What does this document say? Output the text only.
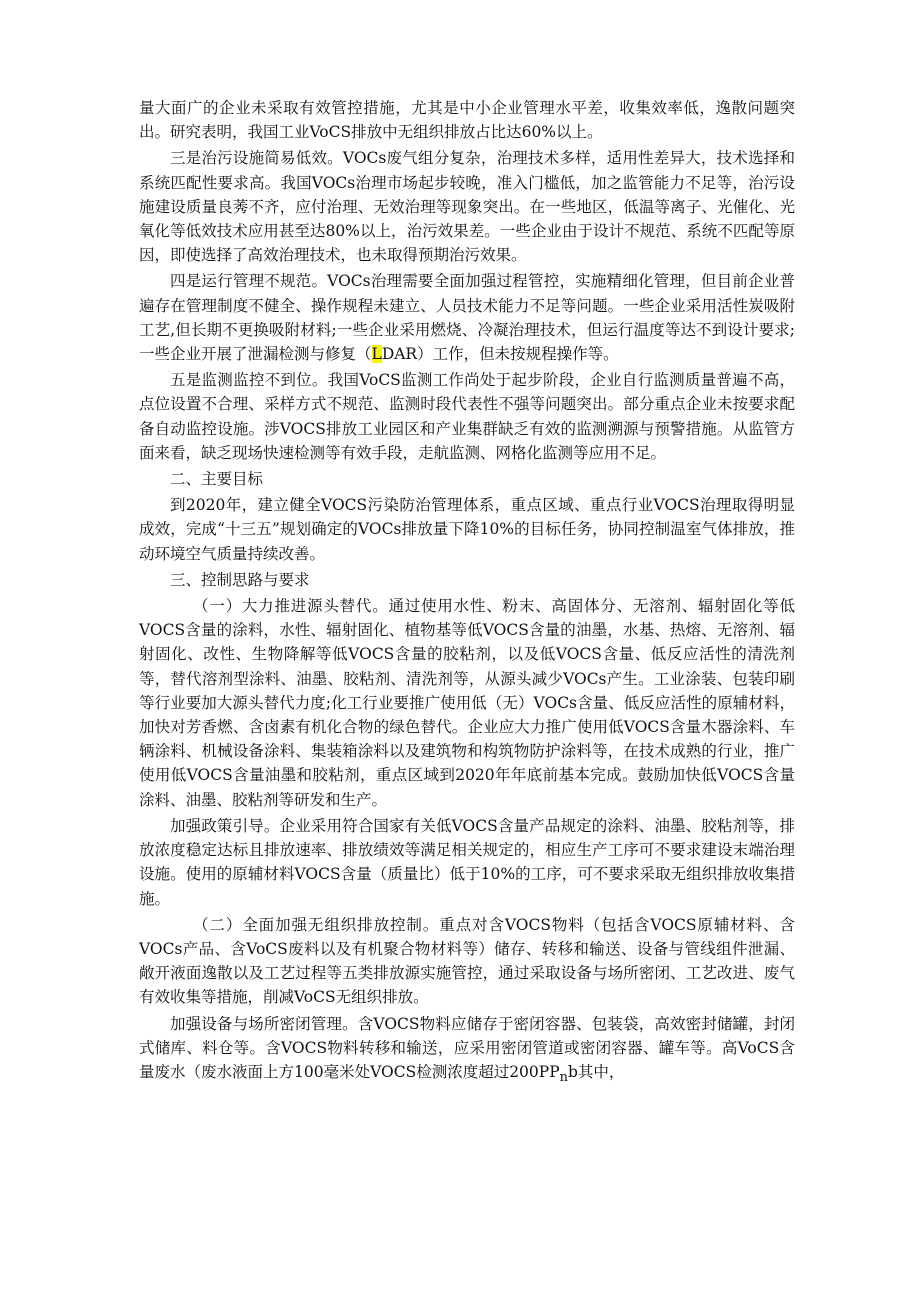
量大面广的企业未采取有效管控措施，尤其是中小企业管理水平差，收集效率低，逸散问题突出。研究表明，我国工业VoCS排放中无组织排放占比达60%以上。

三是治污设施简易低效。VOCs废气组分复杂，治理技术多样，适用性差异大，技术选择和系统匹配性要求高。我国VOCs治理市场起步较晚，准入门槛低，加之监管能力不足等，治污设施建设质量良莠不齐，应付治理、无效治理等现象突出。在一些地区，低温等离子、光催化、光氧化等低效技术应用甚至达80%以上，治污效果差。一些企业由于设计不规范、系统不匹配等原因，即使选择了高效治理技术，也未取得预期治污效果。

四是运行管理不规范。VOCs治理需要全面加强过程管控，实施精细化管理，但目前企业普遍存在管理制度不健全、操作规程未建立、人员技术能力不足等问题。一些企业采用活性炭吸附工艺,但长期不更换吸附材料;一些企业采用燃烧、冷凝治理技术，但运行温度等达不到设计要求;一些企业开展了泄漏检测与修复（LDAR）工作，但未按规程操作等。

五是监测监控不到位。我国VoCS监测工作尚处于起步阶段，企业自行监测质量普遍不高，点位设置不合理、采样方式不规范、监测时段代表性不强等问题突出。部分重点企业未按要求配备自动监控设施。涉VOCS排放工业园区和产业集群缺乏有效的监测溯源与预警措施。从监管方面来看，缺乏现场快速检测等有效手段，走航监测、网格化监测等应用不足。

二、主要目标

到2020年，建立健全VOCS污染防治管理体系，重点区域、重点行业VOCS治理取得明显成效，完成“十三五”规划确定的VOCs排放量下降10%的目标任务，协同控制温室气体排放，推动环境空气质量持续改善。

三、控制思路与要求

（一）大力推进源头替代。通过使用水性、粉末、高固体分、无溶剂、辐射固化等低VOCS含量的涂料，水性、辐射固化、植物基等低VOCS含量的油墨，水基、热熔、无溶剂、辐射固化、改性、生物降解等低VOCS含量的胶粘剂，以及低VOCS含量、低反应活性的清洗剂等，替代溶剂型涂料、油墨、胶粘剂、清洗剂等，从源头减少VOCs产生。工业涂装、包装印刷等行业要加大源头替代力度;化工行业要推广使用低（无）VOCs含量、低反应活性的原辅材料，加快对芳香燃、含卤素有机化合物的绿色替代。企业应大力推广使用低VOCS含量木器涂料、车辆涂料、机械设备涂料、集装箱涂料以及建筑物和构筑物防护涂料等，在技术成熟的行业，推广使用低VOCS含量油墨和胶粘剂，重点区域到2020年年底前基本完成。鼓励加快低VOCS含量涂料、油墨、胶粘剂等研发和生产。

加强政策引导。企业采用符合国家有关低VOCS含量产品规定的涂料、油墨、胶粘剂等，排放浓度稳定达标且排放速率、排放绩效等满足相关规定的，相应生产工序可不要求建设末端治理设施。使用的原辅材料VOCS含量（质量比）低于10%的工序，可不要求采取无组织排放收集措施。

（二）全面加强无组织排放控制。重点对含VOCS物料（包括含VOCS原辅材料、含VOCs产品、含VoCS废料以及有机聚合物材料等）储存、转移和输送、设备与管线组件泄漏、敞开液面逸散以及工艺过程等五类排放源实施管控，通过采取设备与场所密闭、工艺改进、废气有效收集等措施，削减VoCS无组织排放。

加强设备与场所密闭管理。含VOCS物料应储存于密闭容器、包装袋，高效密封储罐，封闭式储库、料仓等。含VOCS物料转移和输送，应采用密闭管道或密闭容器、罐车等。高VoCS含量废水（废水液面上方100毫米处VOCS检测浓度超过$200PP_nb$其中，
